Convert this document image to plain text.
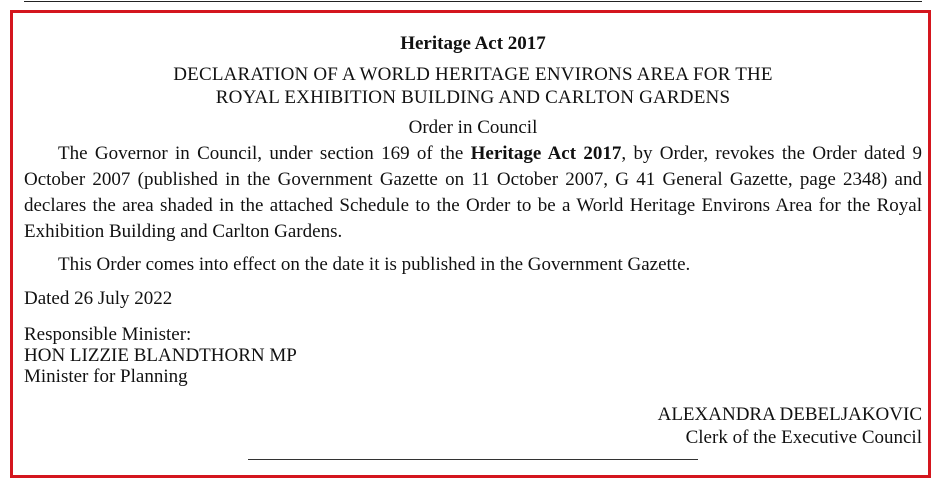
Heritage Act 2017

DECLARATION OF A WORLD HERITAGE ENVIRONS AREA FOR THE
ROYAL EXHIBITION BUILDING AND CARLTON GARDENS

Order in Council

The Governor in Council, under section 169 of the Heritage Act 2017, by Order, revokes the Order dated 9 October 2007 (published in the Government Gazette on 11 October 2007, G 41 General Gazette, page 2348) and declares the area shaded in the attached Schedule to the Order to be a World Heritage Environs Area for the Royal Exhibition Building and Carlton Gardens.

This Order comes into effect on the date it is published in the Government Gazette.

Dated 26 July 2022

Responsible Minister:
HON LIZZIE BLANDTHORN MP
Minister for Planning
ALEXANDRA DEBELJAKOVIC
Clerk of the Executive Council
